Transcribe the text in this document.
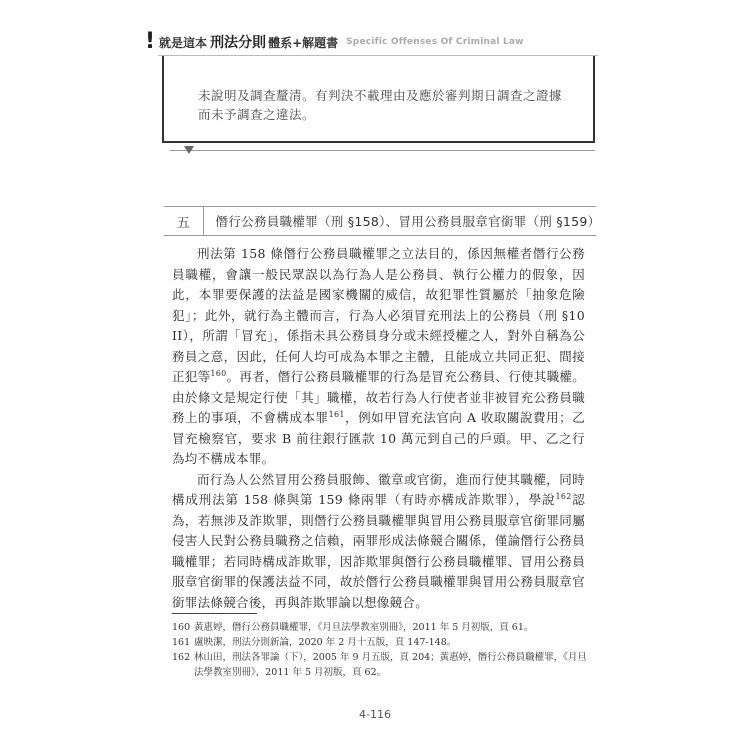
! 就是這本 刑法分則 體系+解題書 Specific Offenses Of Criminal Law
未說明及調查釐清。有判決不載理由及應於審判期日調查之證據而未予調查之違法。
五	僭行公務員職權罪（刑 §158）、冒用公務員服章官銜罪（刑 §159）

刑法第 158 條僭行公務員職權罪之立法目的，係因無權者僭行公務員職權，會讓一般民眾誤以為行為人是公務員、執行公權力的假象，因此，本罪要保護的法益是國家機關的威信，故犯罪性質屬於「抽象危險犯」；此外，就行為主體而言，行為人必須冒充刑法上的公務員（刑 §10 II），所謂「冒充」，係指未具公務員身分或未經授權之人，對外自稱為公務員之意，因此，任何人均可成為本罪之主體，且能成立共同正犯、間接正犯等$^{160}$。再者，僭行公務員職權罪的行為是冒充公務員、行使其職權。由於條文是規定行使「其」職權，故若行為人行使者並非被冒充公務員職務上的事項，不會構成本罪$^{161}$，例如甲冒充法官向 A 收取關說費用；乙冒充檢察官，要求 B 前往銀行匯款 10 萬元到自己的戶頭。甲、乙之行為均不構成本罪。

而行為人公然冒用公務員服飾、徽章或官銜，進而行使其職權，同時構成刑法第 158 條與第 159 條兩罪（有時亦構成詐欺罪），學說$^{162}$認為，若無涉及詐欺罪，則僭行公務員職權罪與冒用公務員服章官銜罪同屬侵害人民對公務員職務之信賴，兩罪形成法條競合關係，僅論僭行公務員職權罪；若同時構成詐欺罪，因詐欺罪與僭行公務員職權罪、冒用公務員服章官銜罪的保護法益不同，故於僭行公務員職權罪與冒用公務員服章官銜罪法條競合後，再與詐欺罪論以想像競合。

160 黃惠婷，僭行公務員職權罪，《月旦法學教室別冊》，2011 年 5 月初版，頁 61。
161 盧映潔，刑法分則新論，2020 年 2 月十五版，頁 147-148。
162 林山田，刑法各罪論（下），2005 年 9 月五版，頁 204；黃惠婷，僭行公務員職權罪，《月旦法學教室別冊》，2011 年 5 月初版，頁 62。
4-116
